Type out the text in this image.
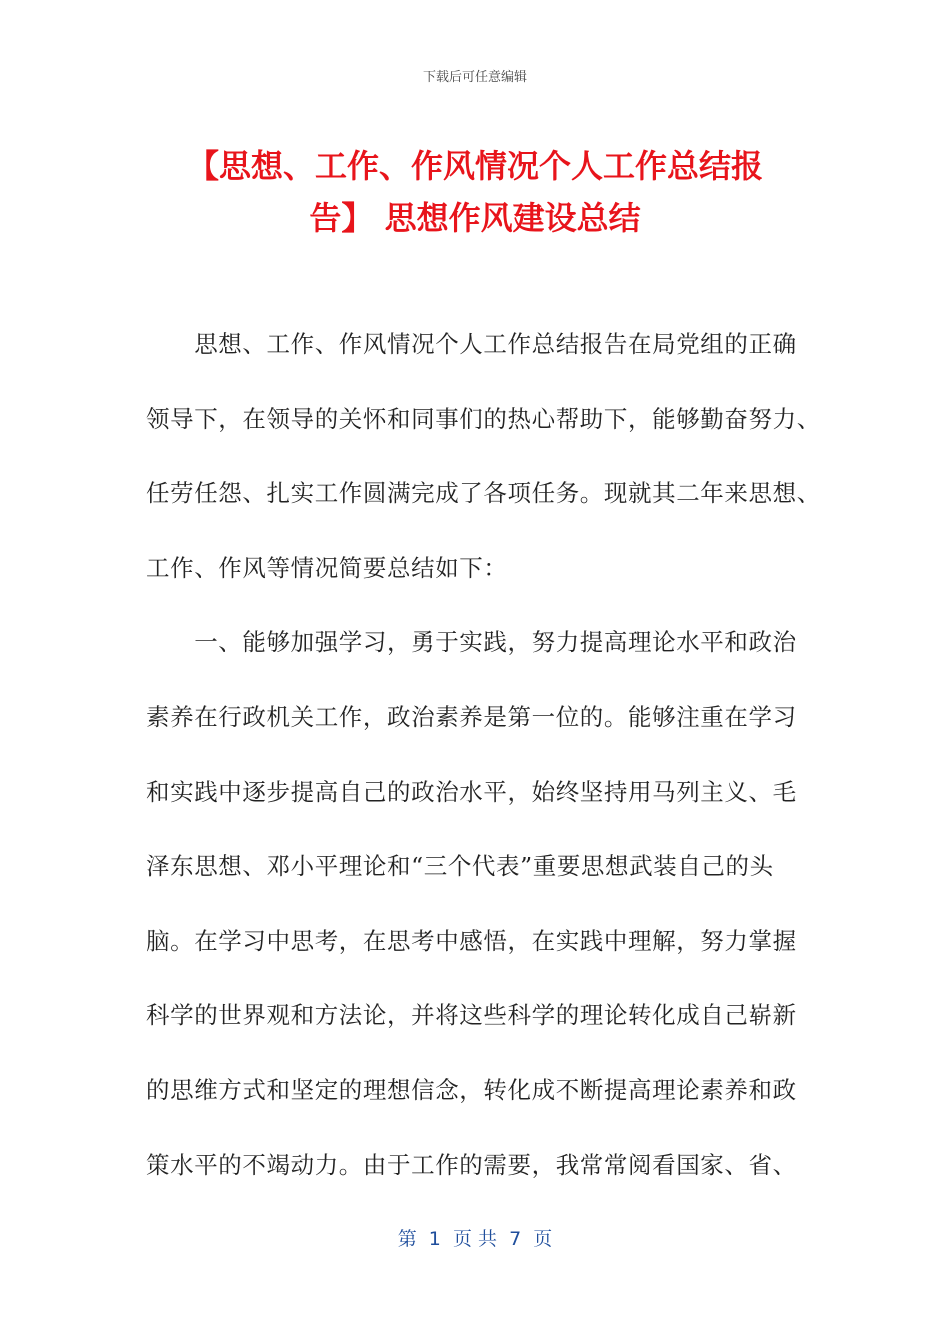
下载后可任意编辑
【思想、工作、作风情况个人工作总结报
告】 思想作风建设总结
　　思想、工作、作风情况个人工作总结报告在局党组的正确
领导下，在领导的关怀和同事们的热心帮助下，能够勤奋努力、
任劳任怨、扎实工作圆满完成了各项任务。现就其二年来思想、
工作、作风等情况简要总结如下：
　　一、能够加强学习，勇于实践，努力提高理论水平和政治
素养在行政机关工作，政治素养是第一位的。能够注重在学习
和实践中逐步提高自己的政治水平，始终坚持用马列主义、毛
泽东思想、邓小平理论和“三个代表”重要思想武装自己的头
脑。在学习中思考，在思考中感悟，在实践中理解，努力掌握
科学的世界观和方法论，并将这些科学的理论转化成自己崭新
的思维方式和坚定的理想信念，转化成不断提高理论素养和政
策水平的不竭动力。由于工作的需要，我常常阅看国家、省、
第  1  页 共  7  页
